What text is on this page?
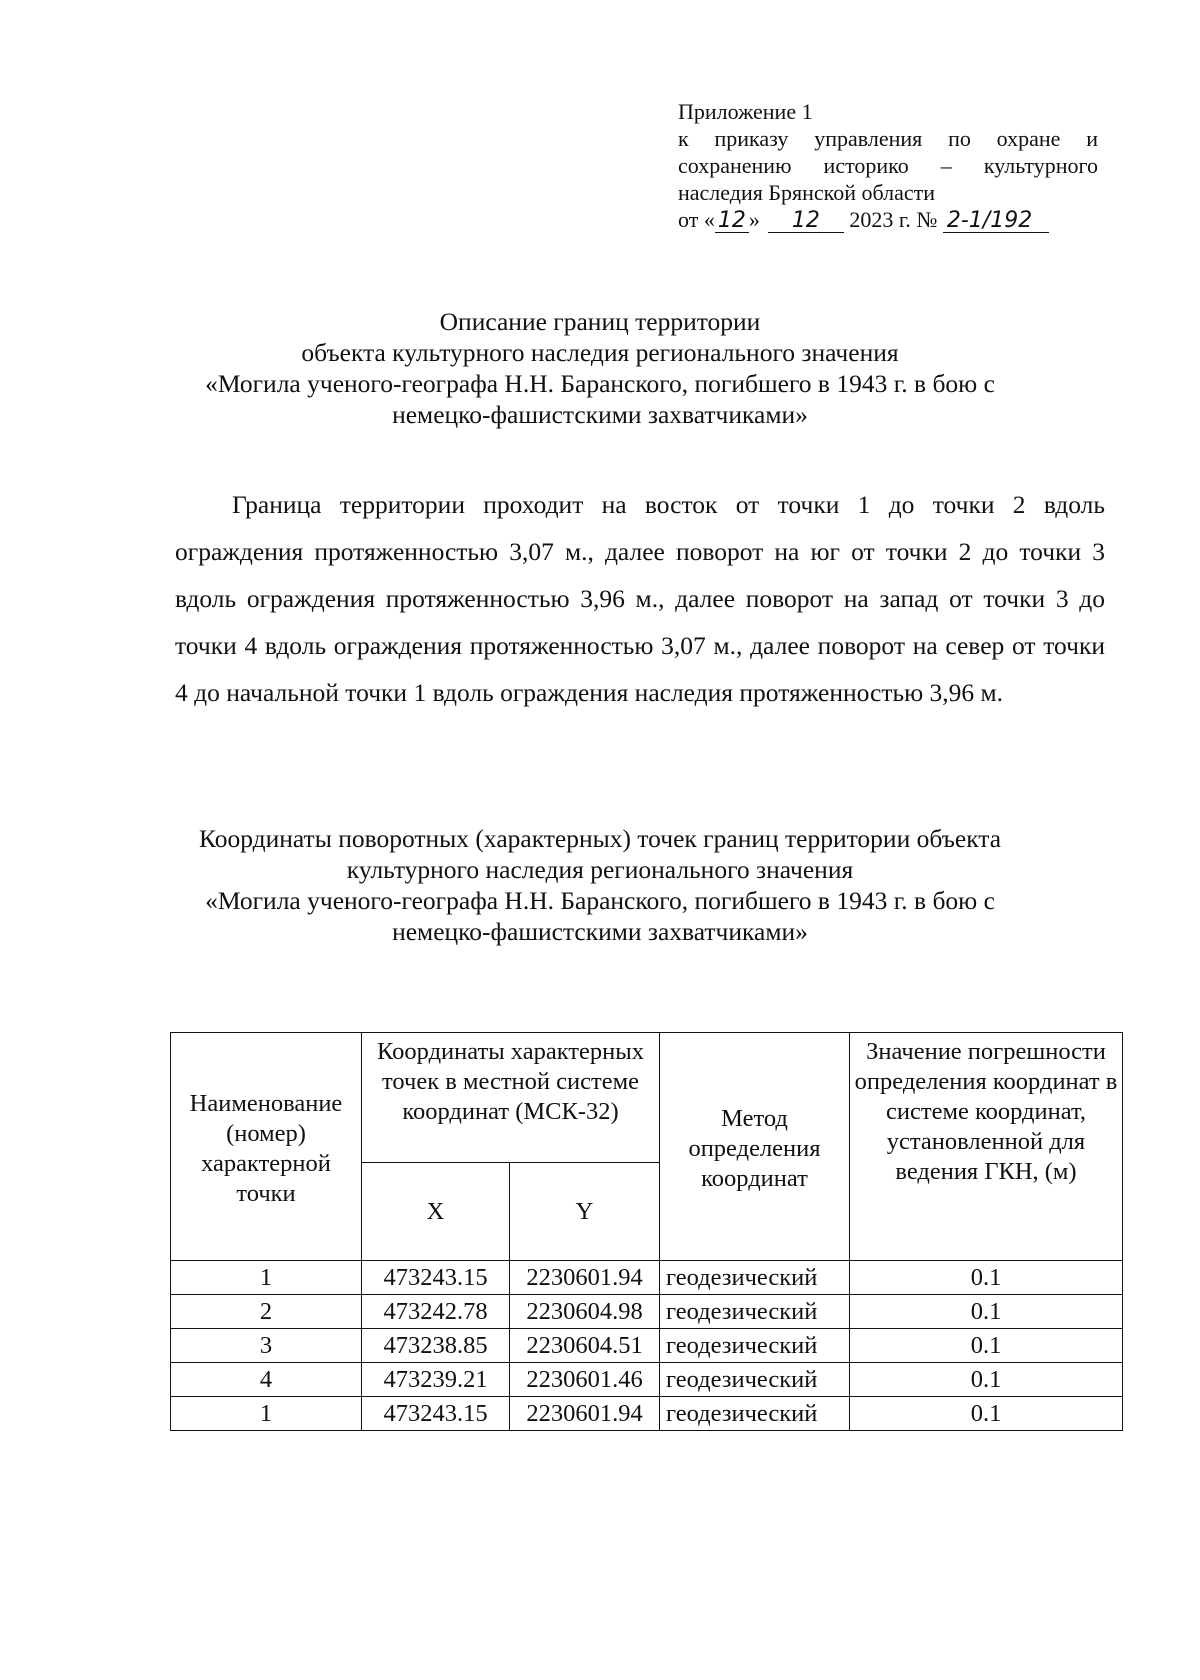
Приложение 1
к приказу управления по охране и
сохранению историко – культурного
наследия Брянской области
от « 12 » 12 2023 г. № 2-1/192
Описание границ территории
объекта культурного наследия регионального значения
«Могила ученого-географа Н.Н. Баранского, погибшего в 1943 г. в бою с
немецко-фашистскими захватчиками»

Граница территории проходит на восток от точки 1 до точки 2 вдоль ограждения протяженностью 3,07 м., далее поворот на юг от точки 2 до точки 3 вдоль ограждения протяженностью 3,96 м., далее поворот на запад от точки 3 до точки 4 вдоль ограждения протяженностью 3,07 м., далее поворот на север от точки 4 до начальной точки 1 вдоль ограждения наследия протяженностью 3,96 м.

Координаты поворотных (характерных) точек границ территории объекта
культурного наследия регионального значения
«Могила ученого-географа Н.Н. Баранского, погибшего в 1943 г. в бою с
немецко-фашистскими захватчиками»
Наименование (номер) характерной точки	Координаты характерных точек в местной системе координат (МСК-32)		Метод определения координат	Значение погрешности определения координат в системе координат, установленной для ведения ГКН, (м)
	X	Y		
1	473243.15	2230601.94	геодезический	0.1
2	473242.78	2230604.98	геодезический	0.1
3	473238.85	2230604.51	геодезический	0.1
4	473239.21	2230601.46	геодезический	0.1
1	473243.15	2230601.94	геодезический	0.1
